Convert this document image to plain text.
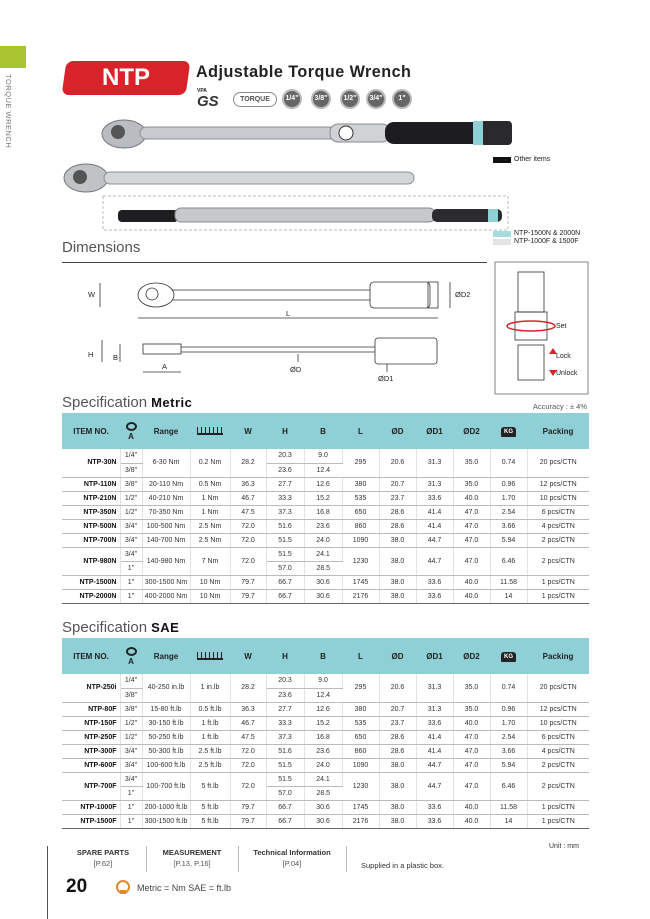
TORQUE WRENCH	NTP	Adjustable Torque Wrench
VPA
GS	TORQUE	1/4"	3/8"	1/2"	3/4"	1"
Other items
NTP-1500N & 2000N
NTP-1000F & 1500F
Dimensions
W
L
H	B
A	ØD
ØD1
ØD2
Set
Lock
Unlock
Specification Metric	Accuracy : ± 4%
ITEM NO.	A	Range		W	H	B	L	ØD	ØD1	ØD2	KG	Packing
NTP-30N	1/4"	6-30 Nm	0.2 Nm	28.2	20.3	9.0	295	20.6	31.3	35.0	0.74	20 pcs/CTN
	3/8"				23.6	12.4						
NTP-110N	3/8"	20-110 Nm	0.5 Nm	36.3	27.7	12.6	380	20.7	31.3	35.0	0.96	12 pcs/CTN
NTP-210N	1/2"	40-210 Nm	1 Nm	46.7	33.3	15.2	535	23.7	33.6	40.0	1.70	10 pcs/CTN
NTP-350N	1/2"	70-350 Nm	1 Nm	47.5	37.3	16.8	650	28.6	41.4	47.0	2.54	6 pcs/CTN
NTP-500N	3/4"	100-500 Nm	2.5 Nm	72.0	51.6	23.6	860	28.6	41.4	47.0	3.66	4 pcs/CTN
NTP-700N	3/4"	140-700 Nm	2.5 Nm	72.0	51.5	24.0	1090	38.0	44.7	47.0	5.94	2 pcs/CTN
NTP-980N	3/4"	140-980 Nm	7 Nm	72.0	51.5	24.1	1230	38.0	44.7	47.0	6.46	2 pcs/CTN
	1"				57.0	28.5						
NTP-1500N	1"	300-1500 Nm	10 Nm	79.7	66.7	30.6	1745	38.0	33.6	40.0	11.58	1 pcs/CTN
NTP-2000N	1"	400-2000 Nm	10 Nm	79.7	66.7	30.6	2176	38.0	33.6	40.0	14	1 pcs/CTN
Specification SAE
ITEM NO.	A	Range		W	H	B	L	ØD	ØD1	ØD2	KG	Packing
NTP-250i	1/4"	40-250 in.lb	1 in.lb	28.2	20.3	9.0	295	20.6	31.3	35.0	0.74	20 pcs/CTN
	3/8"				23.6	12.4						
NTP-80F	3/8"	15-80 ft.lb	0.5 ft.lb	36.3	27.7	12.6	380	20.7	31.3	35.0	0.96	12 pcs/CTN
NTP-150F	1/2"	30-150 ft.lb	1 ft.lb	46.7	33.3	15.2	535	23.7	33.6	40.0	1.70	10 pcs/CTN
NTP-250F	1/2"	50-250 ft.lb	1 ft.lb	47.5	37.3	16.8	650	28.6	41.4	47.0	2.54	6 pcs/CTN
NTP-300F	3/4"	50-300 ft.lb	2.5 ft.lb	72.0	51.6	23.6	860	28.6	41.4	47.0	3.66	4 pcs/CTN
NTP-600F	3/4"	100-600 ft.lb	2.5 ft.lb	72.0	51.5	24.0	1090	38.0	44.7	47.0	5.94	2 pcs/CTN
NTP-700F	3/4"	100-700 ft.lb	5 ft.lb	72.0	51.5	24.1	1230	38.0	44.7	47.0	6.46	2 pcs/CTN
	1"				57.0	28.5						
NTP-1000F	1"	200-1000 ft.lb	5 ft.lb	79.7	66.7	30.6	1745	38.0	33.6	40.0	11.58	1 pcs/CTN
NTP-1500F	1"	300-1500 ft.lb	5 ft.lb	79.7	66.7	30.6	2176	38.0	33.6	40.0	14	1 pcs/CTN
SPARE PARTS
[P.62]
MEASUREMENT
[P.13, P.16]
Technical Information
[P.04]	Supplied in a plastic box.
Unit : mm
20	Metric = Nm SAE = ft.lb
